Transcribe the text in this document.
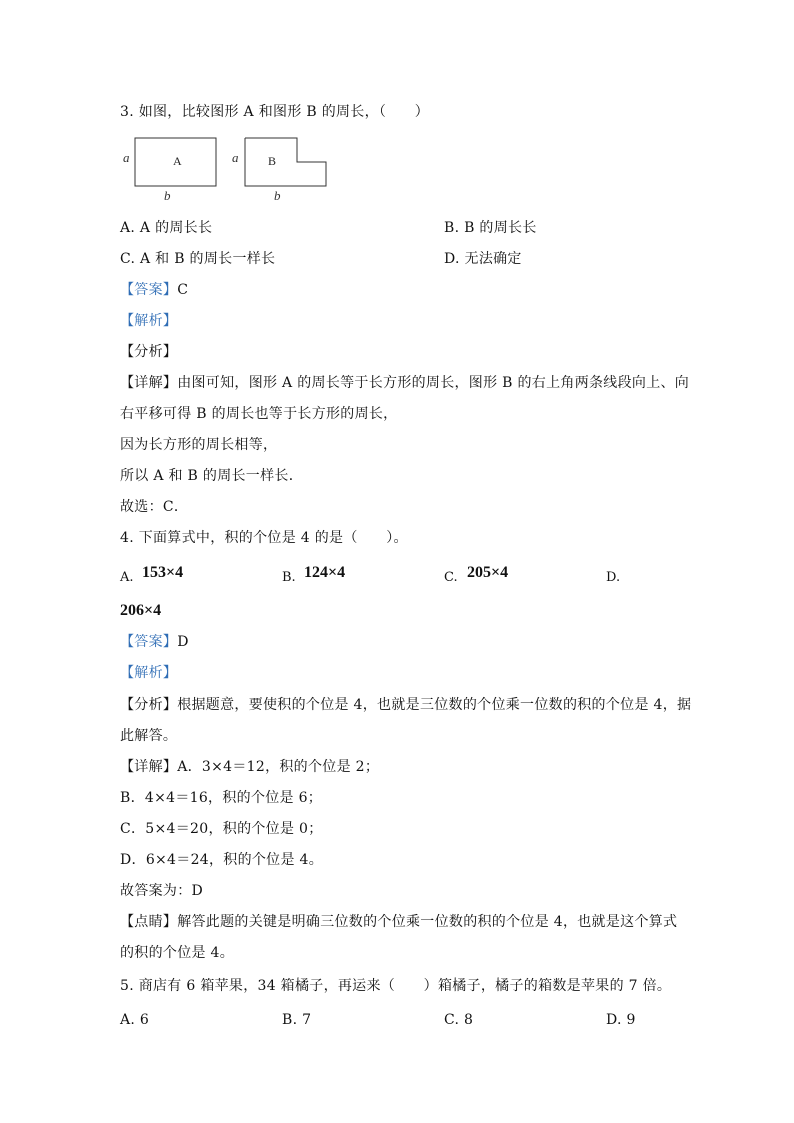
3. 如图，比较图形 A 和图形 B 的周长，（　　）
A
a
b
B
a
b
A. A 的周长长	B. B 的周长长
C. A 和 B 的周长一样长	D. 无法确定
【答案】C
【解析】
【分析】
【详解】由图可知，图形 A 的周长等于长方形的周长，图形 B 的右上角两条线段向上、向
右平移可得 B 的周长也等于长方形的周长，
因为长方形的周长相等，
所以 A 和 B 的周长一样长．
故选：C．
4. 下面算式中，积的个位是 4 的是（　　）。
A. 153×4	B. 124×4	C. 205×4	D.
206×4
【答案】D
【解析】
【分析】根据题意，要使积的个位是 4，也就是三位数的个位乘一位数的积的个位是 4，据
此解答。
【详解】A．3×4＝12，积的个位是 2；
B．4×4＝16，积的个位是 6；
C．5×4＝20，积的个位是 0；
D．6×4＝24，积的个位是 4。
故答案为：D
【点睛】解答此题的关键是明确三位数的个位乘一位数的积的个位是 4，也就是这个算式
的积的个位是 4。
5. 商店有 6 箱苹果，34 箱橘子，再运来（　　）箱橘子，橘子的箱数是苹果的 7 倍。
A. 6	B. 7	C. 8	D. 9
